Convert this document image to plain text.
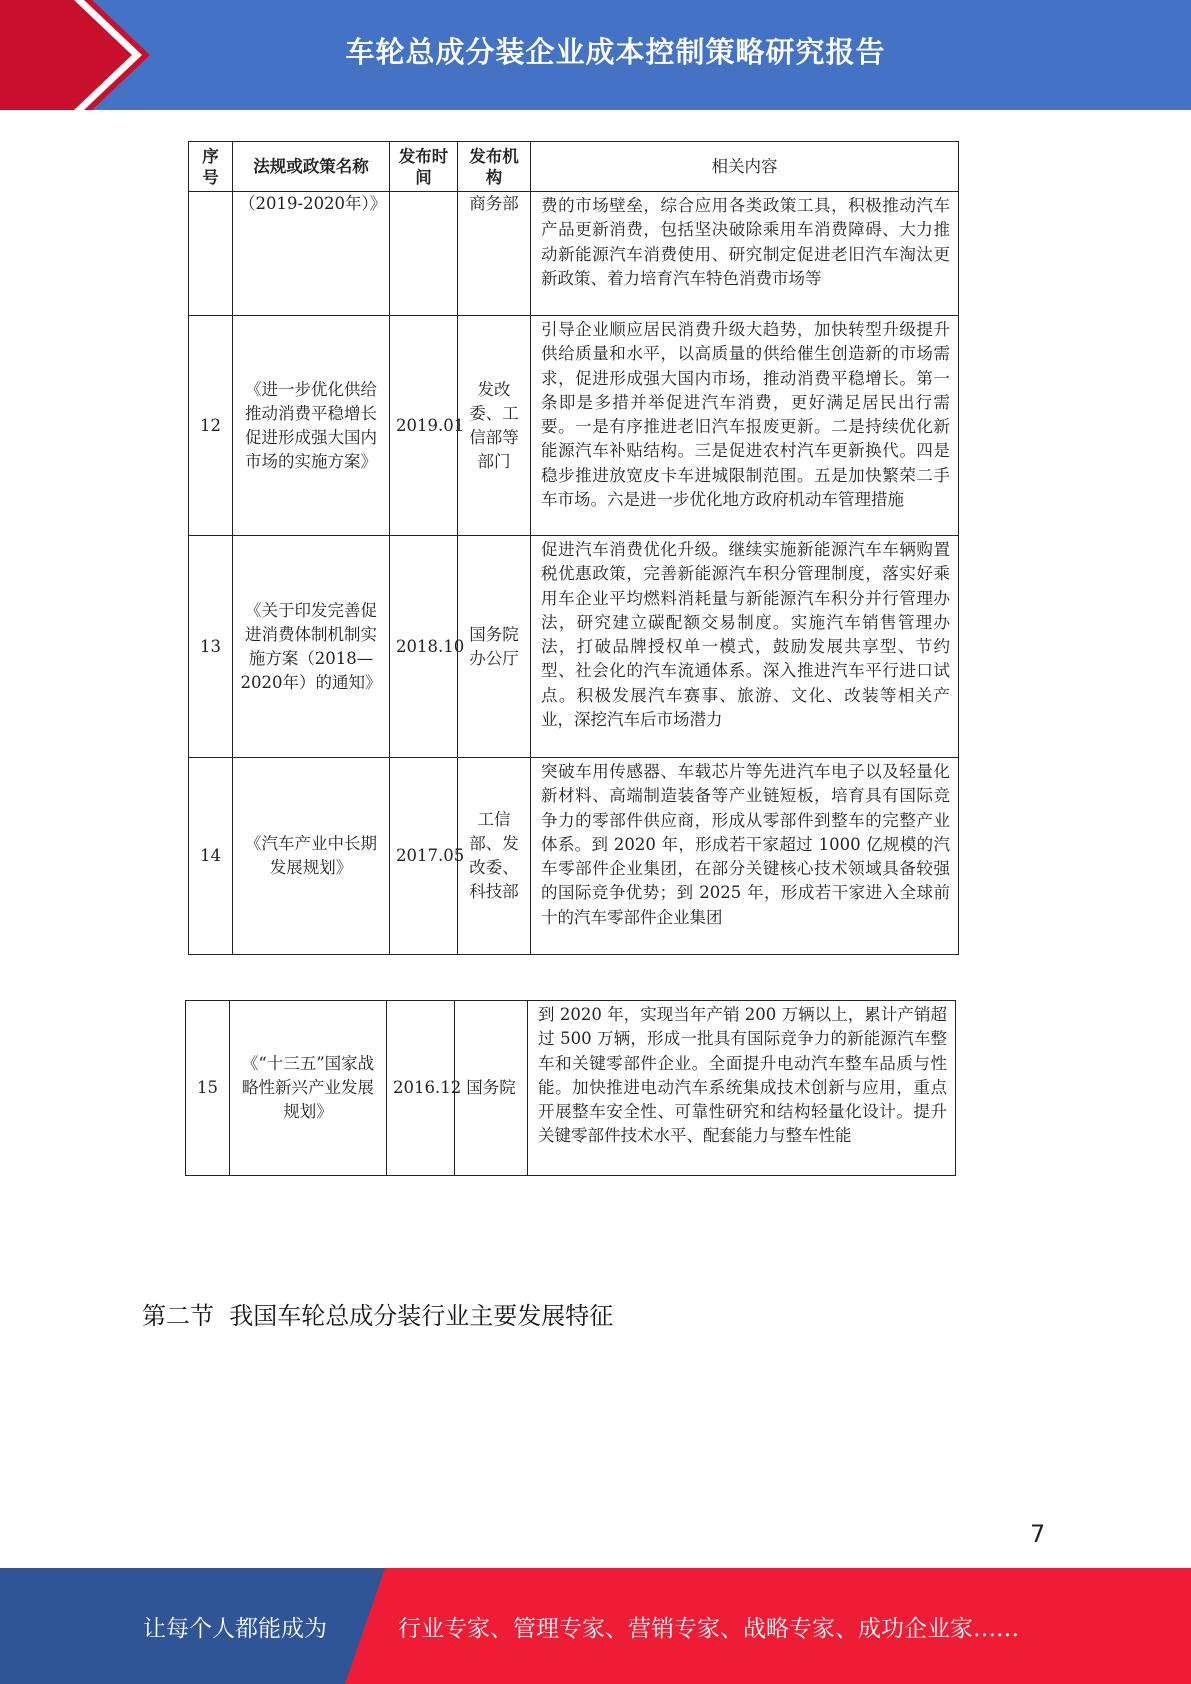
车轮总成分装企业成本控制策略研究报告
序号	法规或政策名称	发布时间	发布机构	相关内容
	（2019-2020年）》		商务部	费的市场壁垒，综合应用各类政策工具，积极推动汽车产品更新消费，包括坚决破除乘用车消费障碍、大力推动新能源汽车消费使用、研究制定促进老旧汽车淘汰更新政策、着力培育汽车特色消费市场等
12	《进一步优化供给推动消费平稳增长促进形成强大国内市场的实施方案》	2019.01	发改委、工信部等部门	引导企业顺应居民消费升级大趋势，加快转型升级提升供给质量和水平，以高质量的供给催生创造新的市场需求，促进形成强大国内市场，推动消费平稳增长。第一条即是多措并举促进汽车消费，更好满足居民出行需要。一是有序推进老旧汽车报废更新。二是持续优化新能源汽车补贴结构。三是促进农村汽车更新换代。四是稳步推进放宽皮卡车进城限制范围。五是加快繁荣二手车市场。六是进一步优化地方政府机动车管理措施
13	《关于印发完善促进消费体制机制实施方案（2018—2020年）的通知》	2018.10	国务院办公厅	促进汽车消费优化升级。继续实施新能源汽车车辆购置税优惠政策，完善新能源汽车积分管理制度，落实好乘用车企业平均燃料消耗量与新能源汽车积分并行管理办法，研究建立碳配额交易制度。实施汽车销售管理办法，打破品牌授权单一模式，鼓励发展共享型、节约型、社会化的汽车流通体系。深入推进汽车平行进口试点。积极发展汽车赛事、旅游、文化、改装等相关产业，深挖汽车后市场潜力
14	《汽车产业中长期发展规划》	2017.05	工信部、发改委、科技部	突破车用传感器、车载芯片等先进汽车电子以及轻量化新材料、高端制造装备等产业链短板，培育具有国际竞争力的零部件供应商，形成从零部件到整车的完整产业体系。到 2020 年，形成若干家超过 1000 亿规模的汽车零部件企业集团，在部分关键核心技术领域具备较强的国际竞争优势；到 2025 年，形成若干家进入全球前十的汽车零部件企业集团
15	《“十三五”国家战略性新兴产业发展规划》	2016.12	国务院	到 2020 年，实现当年产销 200 万辆以上，累计产销超过 500 万辆，形成一批具有国际竞争力的新能源汽车整车和关键零部件企业。全面提升电动汽车整车品质与性能。加快推进电动汽车系统集成技术创新与应用，重点开展整车安全性、可靠性研究和结构轻量化设计。提升关键零部件技术水平、配套能力与整车性能
第二节  我国车轮总成分装行业主要发展特征
7
让每个人都能成为	行业专家、管理专家、营销专家、战略专家、成功企业家……
